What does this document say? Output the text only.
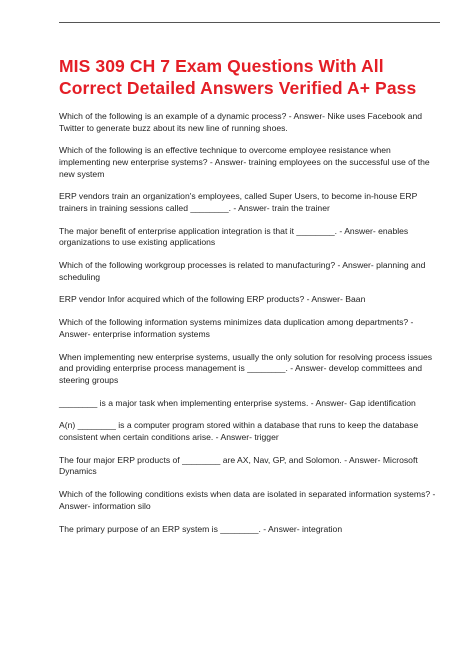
MIS 309 CH 7 Exam Questions With All Correct Detailed Answers Verified A+ Pass
Which of the following is an example of a dynamic process? - Answer- Nike uses Facebook and Twitter to generate buzz about its new line of running shoes.
Which of the following is an effective technique to overcome employee resistance when implementing new enterprise systems? - Answer- training employees on the successful use of the new system
ERP vendors train an organization's employees, called Super Users, to become in-house ERP trainers in training sessions called ________. - Answer- train the trainer
The major benefit of enterprise application integration is that it ________. - Answer- enables organizations to use existing applications
Which of the following workgroup processes is related to manufacturing? - Answer- planning and scheduling
ERP vendor Infor acquired which of the following ERP products? - Answer- Baan
Which of the following information systems minimizes data duplication among departments? - Answer- enterprise information systems
When implementing new enterprise systems, usually the only solution for resolving process issues and providing enterprise process management is ________. - Answer- develop committees and steering groups
________ is a major task when implementing enterprise systems. - Answer- Gap identification
A(n) ________ is a computer program stored within a database that runs to keep the database consistent when certain conditions arise. - Answer- trigger
The four major ERP products of ________ are AX, Nav, GP, and Solomon. - Answer- Microsoft Dynamics
Which of the following conditions exists when data are isolated in separated information systems? - Answer- information silo
The primary purpose of an ERP system is ________. - Answer- integration
